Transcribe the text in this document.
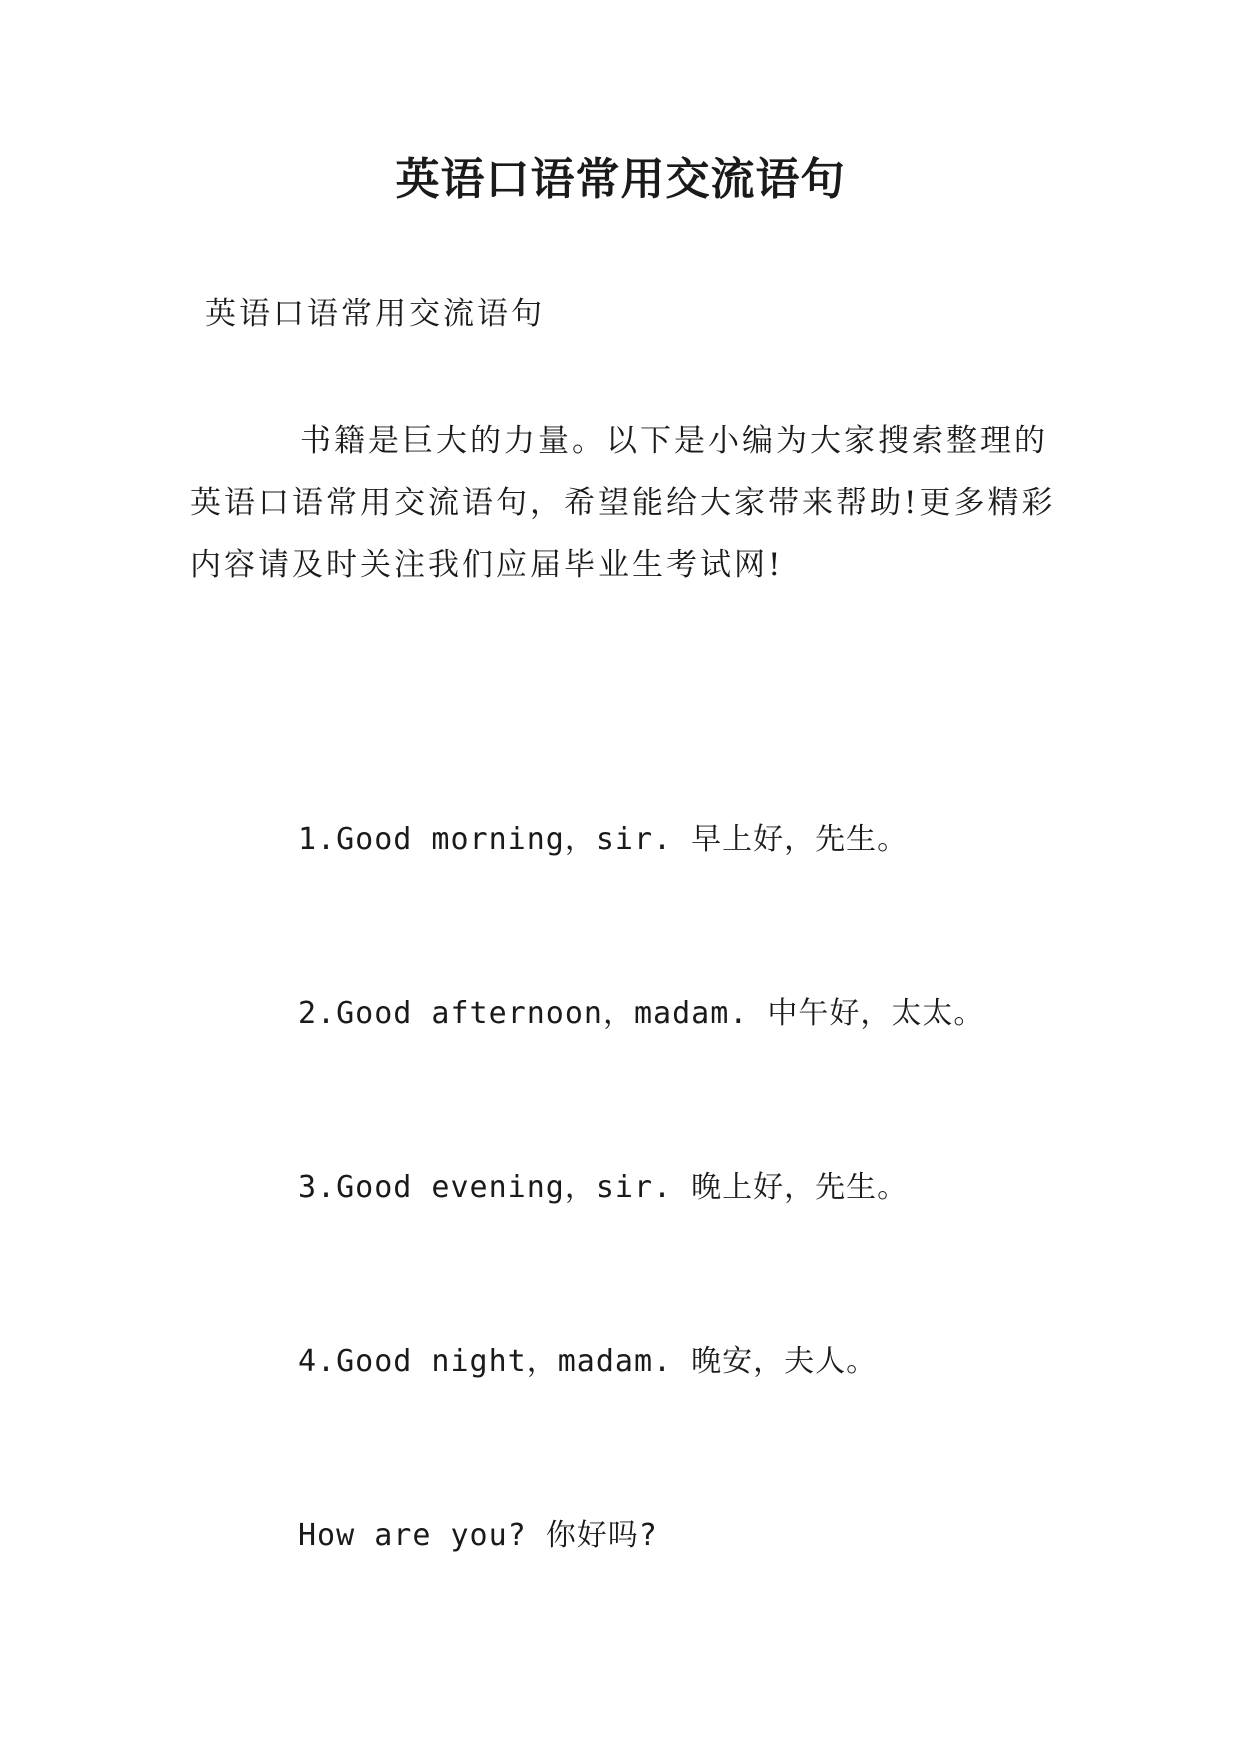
英语口语常用交流语句
英语口语常用交流语句

书籍是巨大的力量。以下是小编为大家搜索整理的英语口语常用交流语句，希望能给大家带来帮助!更多精彩内容请及时关注我们应届毕业生考试网!

1.Good morning，sir. 早上好，先生。
2.Good afternoon，madam. 中午好，太太。
3.Good evening，sir. 晚上好，先生。
4.Good night，madam. 晚安，夫人。
How are you? 你好吗?
